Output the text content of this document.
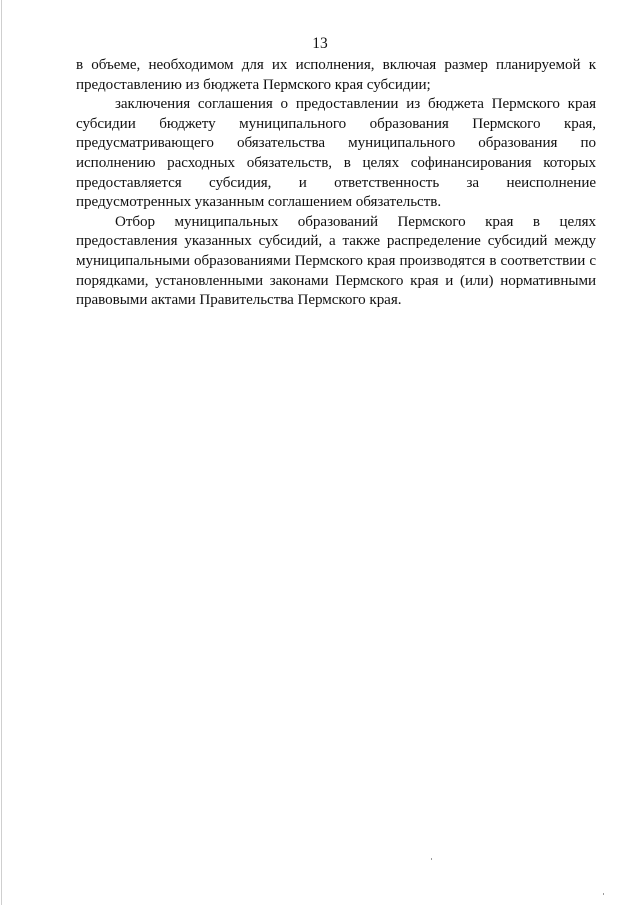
13

в объеме, необходимом для их исполнения, включая размер планируемой к предоставлению из бюджета Пермского края субсидии;

заключения соглашения о предоставлении из бюджета Пермского края субсидии бюджету муниципального образования Пермского края, предусматривающего обязательства муниципального образования по исполнению расходных обязательств, в целях софинансирования которых предоставляется субсидия, и ответственность за неисполнение предусмотренных указанным соглашением обязательств.

Отбор муниципальных образований Пермского края в целях предоставления указанных субсидий, а также распределение субсидий между муниципальными образованиями Пермского края производятся в соответствии с порядками, установленными законами Пермского края и (или) нормативными правовыми актами Правительства Пермского края.
